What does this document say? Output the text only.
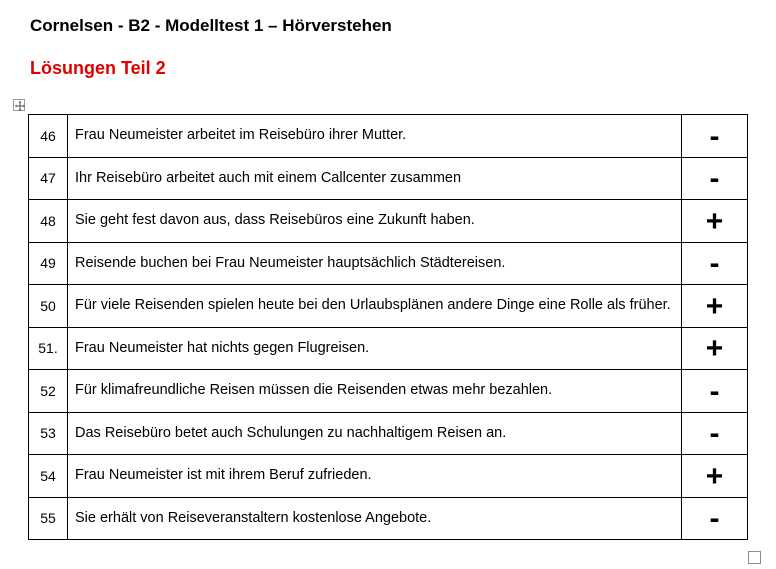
Cornelsen - B2 - Modelltest 1 – Hörverstehen
Lösungen Teil 2
46	Frau Neumeister arbeitet im Reisebüro ihrer Mutter.	-
47	Ihr Reisebüro arbeitet auch mit einem Callcenter zusammen	-
48	Sie geht fest davon aus, dass Reisebüros eine Zukunft haben.	+
49	Reisende buchen bei Frau Neumeister hauptsächlich Städtereisen.	-
50	Für viele Reisenden spielen heute bei den Urlaubsplänen andere Dinge eine Rolle als früher.	+
51.	Frau Neumeister hat nichts gegen Flugreisen.	+
52	Für klimafreundliche Reisen müssen die Reisenden etwas mehr bezahlen.	-
53	Das Reisebüro betet auch Schulungen zu nachhaltigem Reisen an.	-
54	Frau Neumeister ist mit ihrem Beruf zufrieden.	+
55	Sie erhält von Reiseveranstaltern kostenlose Angebote.	-
